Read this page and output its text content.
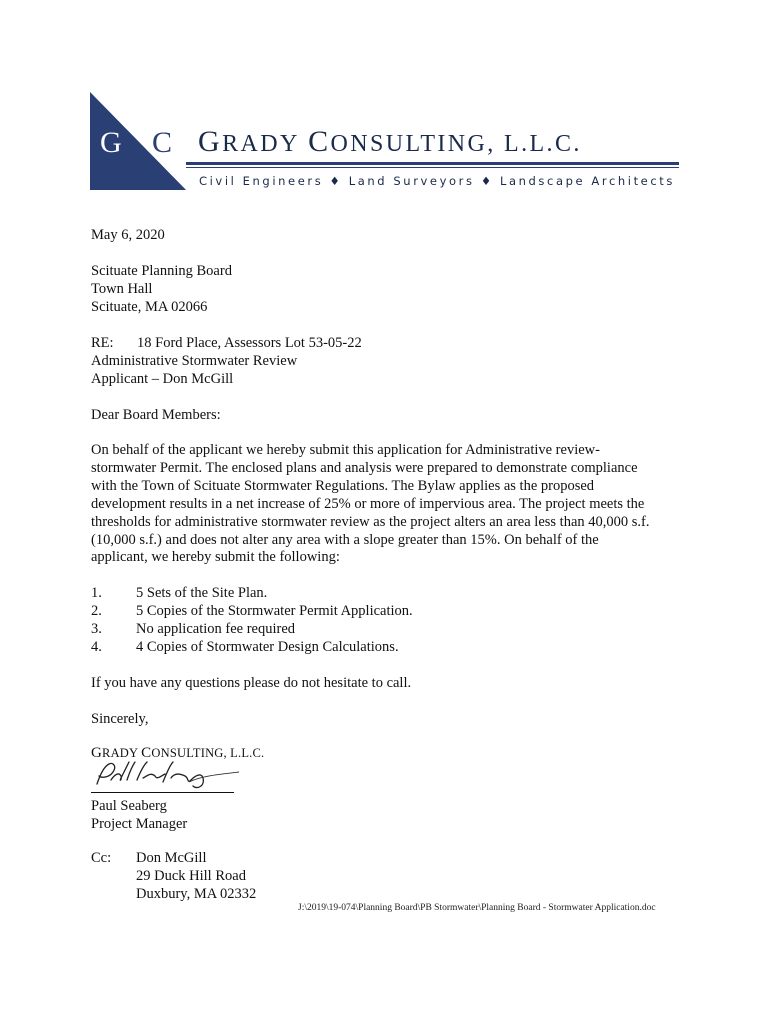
G C GRADY CONSULTING, L.L.C.
Civil Engineers ♦ Land Surveyors ♦ Landscape Architects
May 6, 2020
Scituate Planning Board
Town Hall
Scituate, MA 02066
RE: 18 Ford Place, Assessors Lot 53-05-22
Administrative Stormwater Review
Applicant – Don McGill
Dear Board Members:
On behalf of the applicant we hereby submit this application for Administrative review-
stormwater Permit. The enclosed plans and analysis were prepared to demonstrate compliance
with the Town of Scituate Stormwater Regulations. The Bylaw applies as the proposed
development results in a net increase of 25% or more of impervious area. The project meets the
thresholds for administrative stormwater review as the project alters an area less than 40,000 s.f.
(10,000 s.f.) and does not alter any area with a slope greater than 15%. On behalf of the
applicant, we hereby submit the following:
1. 5 Sets of the Site Plan.
2. 5 Copies of the Stormwater Permit Application.
3. No application fee required
4. 4 Copies of Stormwater Design Calculations.
If you have any questions please do not hesitate to call.
Sincerely,
GRADY CONSULTING, L.L.C.
Paul Seaberg
Project Manager
Cc: Don McGill
29 Duck Hill Road
Duxbury, MA 02332
J:\2019\19-074\Planning Board\PB Stormwater\Planning Board - Stormwater Application.doc
